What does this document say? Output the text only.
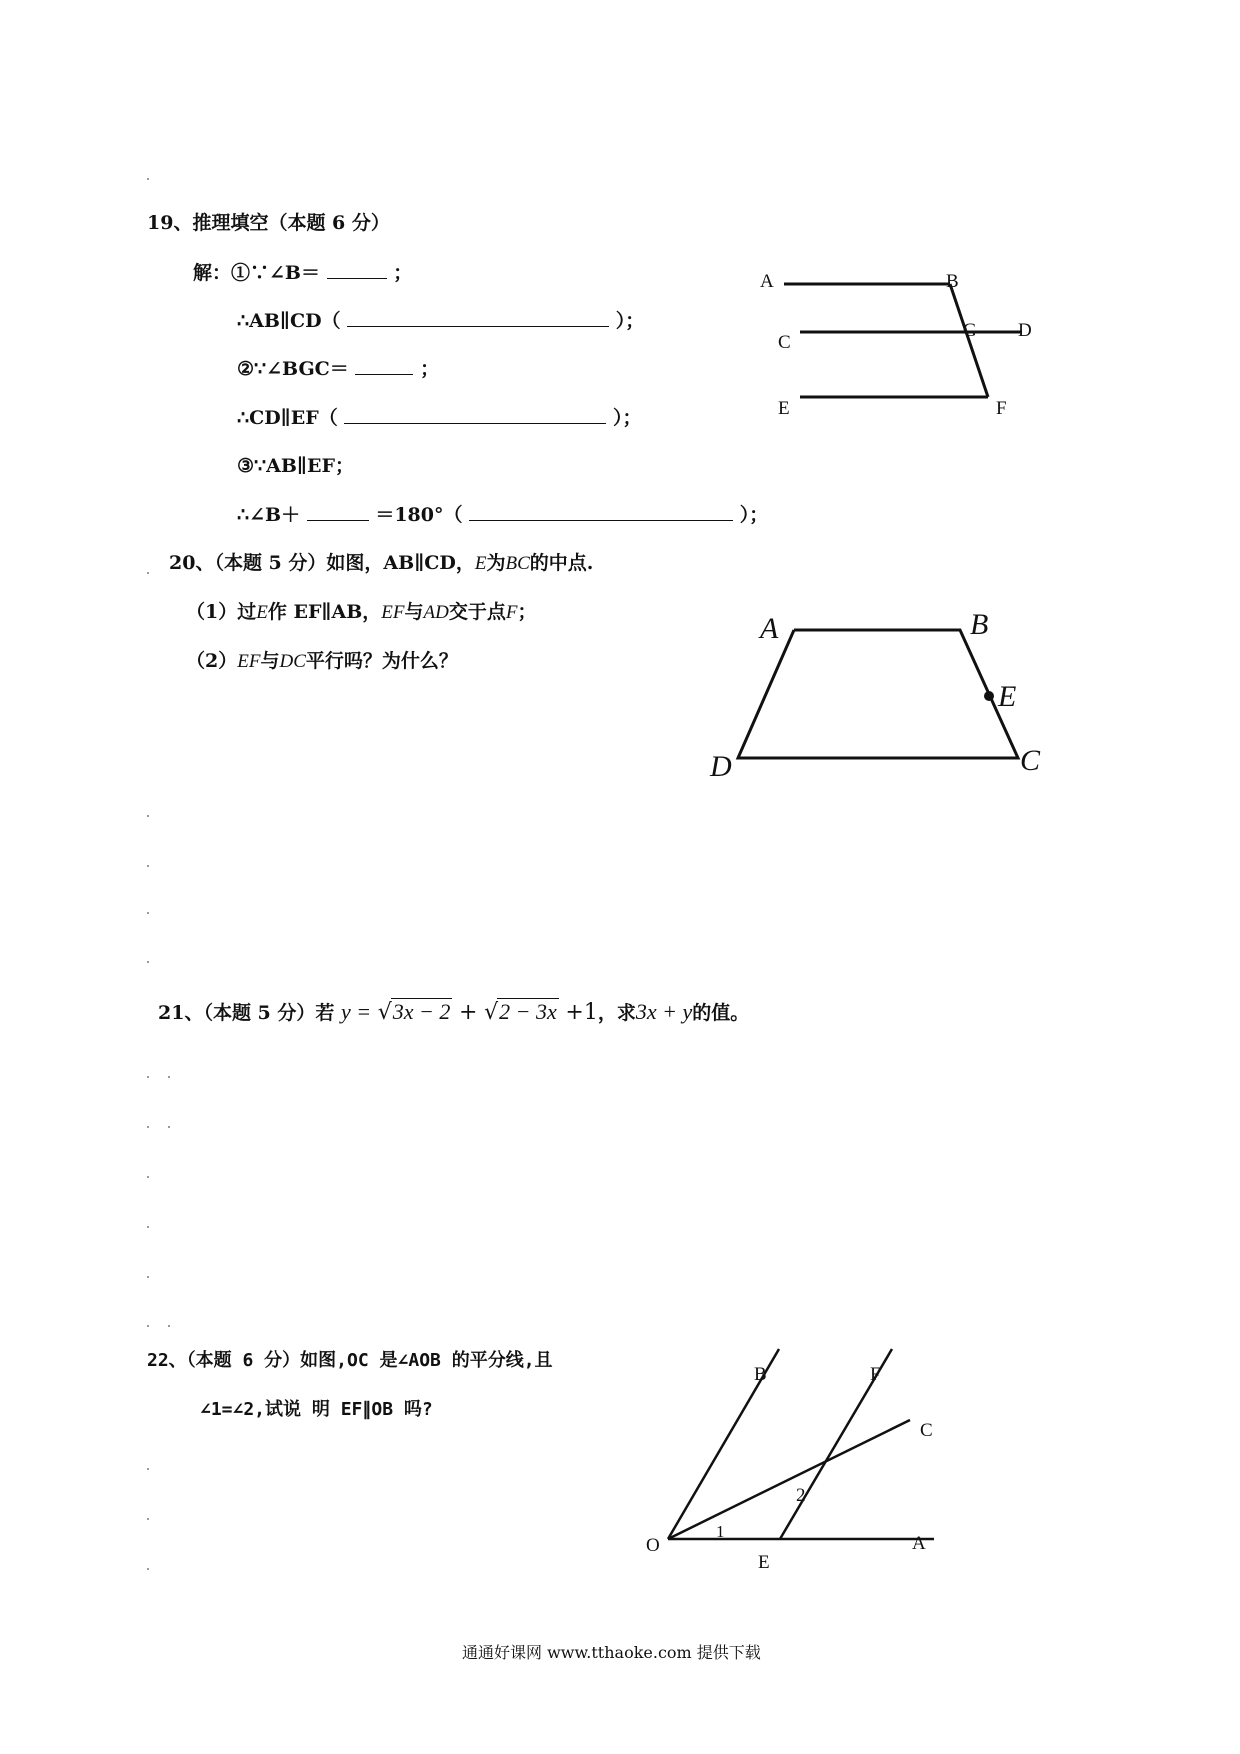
19、推理填空（本题 6 分）
解：①∵∠B＝	；
∴AB∥CD（	）；
②∵∠BGC＝	；
∴CD∥EF（	）；
③∵AB∥EF；
∴∠B＋	＝180°（	）；
A	B
C
G D
E	F
20、（本题 5 分）如图，AB∥CD，E为BC的中点.
（1）过E作 EF∥AB，EF与AD交于点F；
（2）EF与DC平行吗？为什么？
A	B
E
D	C
21、（本题 5 分）若 y = √3x − 2 + √2 − 3x +1，求3x + y的值。
22、（本题 6 分）如图,OC 是∠AOB 的平分线,且
∠1=∠2,试说 明 EF∥OB 吗?
B	F
C
2
1
O
E
A
通通好课网 www.tthaoke.com 提供下载
